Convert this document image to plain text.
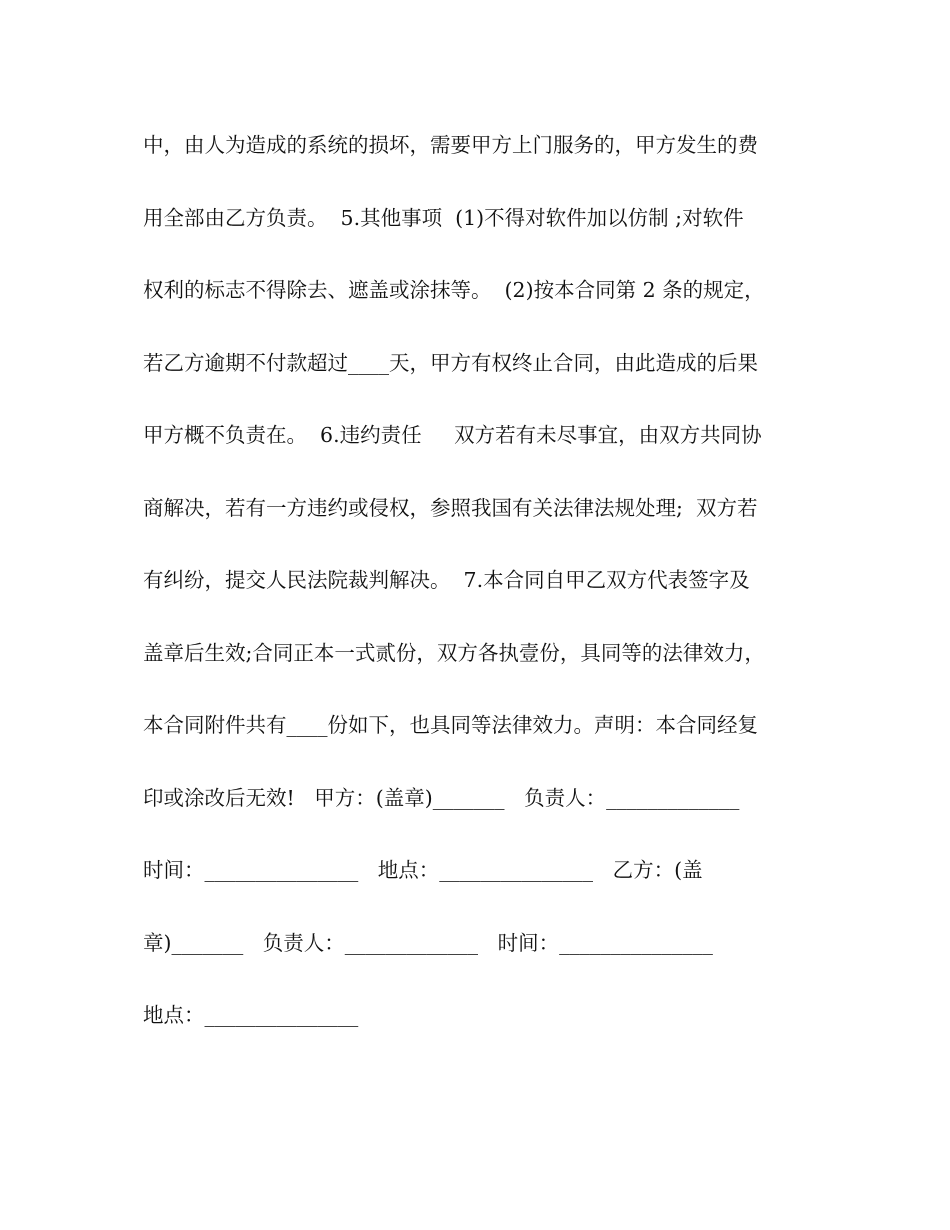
中，由人为造成的系统的损坏，需要甲方上门服务的，甲方发生的费
用全部由乙方负责。  5.其他事项  (1)不得对软件加以仿制 ;对软件
权利的标志不得除去、遮盖或涂抹等。  (2)按本合同第 2 条的规定，
若乙方逾期不付款超过____天，甲方有权终止合同，由此造成的后果
甲方概不负责在。  6.违约责任     双方若有未尽事宜，由双方共同协
商解决，若有一方违约或侵权，参照我国有关法律法规处理;  双方若
有纠纷，提交人民法院裁判解决。  7.本合同自甲乙双方代表签字及
盖章后生效;合同正本一式贰份，双方各执壹份，具同等的法律效力，
本合同附件共有____份如下，也具同等法律效力。声明：本合同经复
印或涂改后无效!   甲方：(盖章)_______   负责人：_____________
时间：_______________   地点：_______________   乙方：(盖
章)_______   负责人：_____________   时间：_______________
地点：_______________
